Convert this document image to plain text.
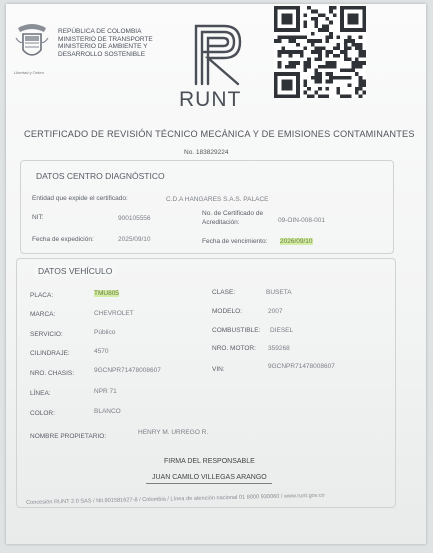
REPÚBLICA DE COLOMBIA
MINISTERIO DE TRANSPORTE
MINISTERIO DE AMBIENTE Y
DESARROLLO SOSTENIBLE
Libertad y Orden
RUNT
CERTIFICADO DE REVISIÓN TÉCNICO MECÁNICA Y DE EMISIONES CONTAMINANTES
No. 183829224
DATOS CENTRO DIAGNÓSTICO
Entidad que expide el certificado:	C.D.A HANGARES S.A.S. PALACE
NIT:	900105556
No. de Certificado de
Acreditación:	09-OIN-008-001
Fecha de expedición:	2025/09/10	Fecha de vencimiento: 2026/09/10
DATOS VEHÍCULO
PLACA:	TMU805	CLASE:	BUSETA
MARCA:	CHEVROLET	MODELO:	2007
SERVICIO:	Público	COMBUSTIBLE: DIESEL
CILINDRAJE:	4570	NRO. MOTOR: 359268
NRO. CHASIS:	9GCNPR71478008607	VIN:	9GCNPR71478008607
LÍNEA:	NPR 71
COLOR:	BLANCO
NOMBRE PROPIETARIO:
HENRY M. URREGO R.
FIRMA DEL RESPONSABLE
JUAN CAMILO VILLEGAS ARANGO
Concesión RUNT 2.0 SAS / Nit.901581627-8 / Colombia / Línea de atención nacional 01 8000 930060 / www.runt.gov.co
